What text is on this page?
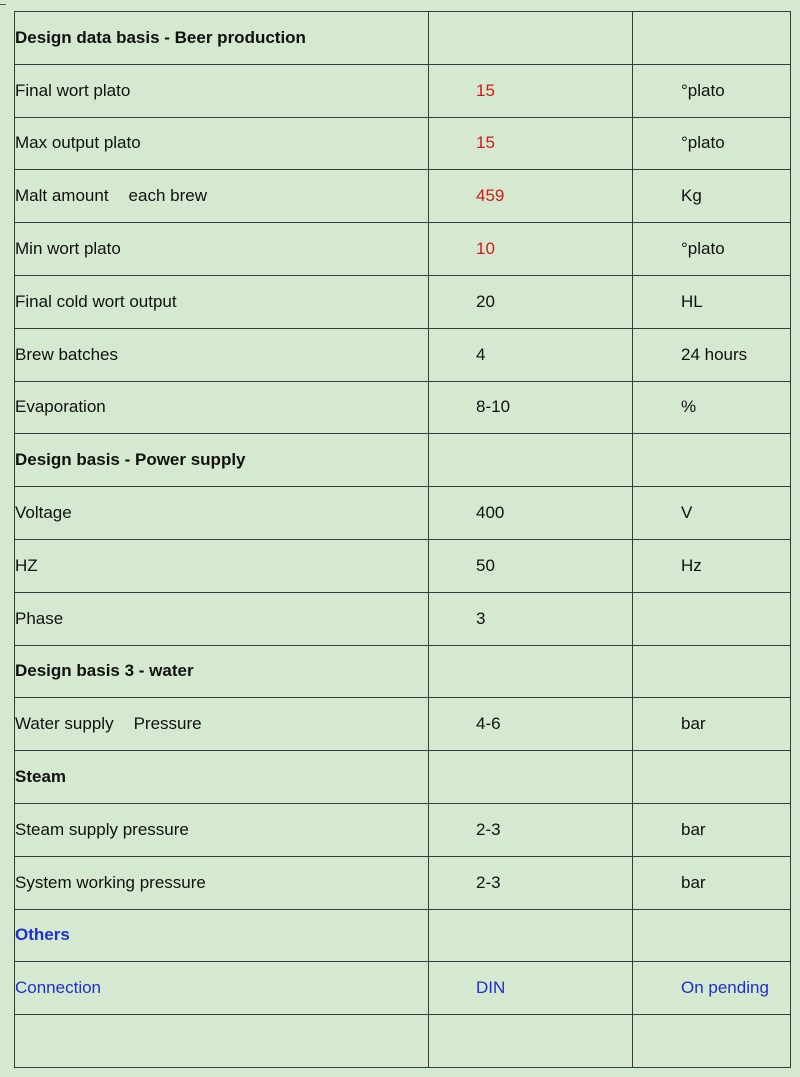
Design data basis - Beer production		
Final wort plato	15	°plato
Max output plato	15	°plato
Malt amount each brew	459	Kg
Min wort plato	10	°plato
Final cold wort output	20	HL
Brew batches	4	24 hours
Evaporation	8-10	%
Design basis - Power supply		
Voltage	400	V
HZ	50	Hz
Phase	3	
Design basis 3 - water		
Water supply Pressure	4-6	bar
Steam		
Steam supply pressure	2-3	bar
System working pressure	2-3	bar
Others		
Connection	DIN	On pending
